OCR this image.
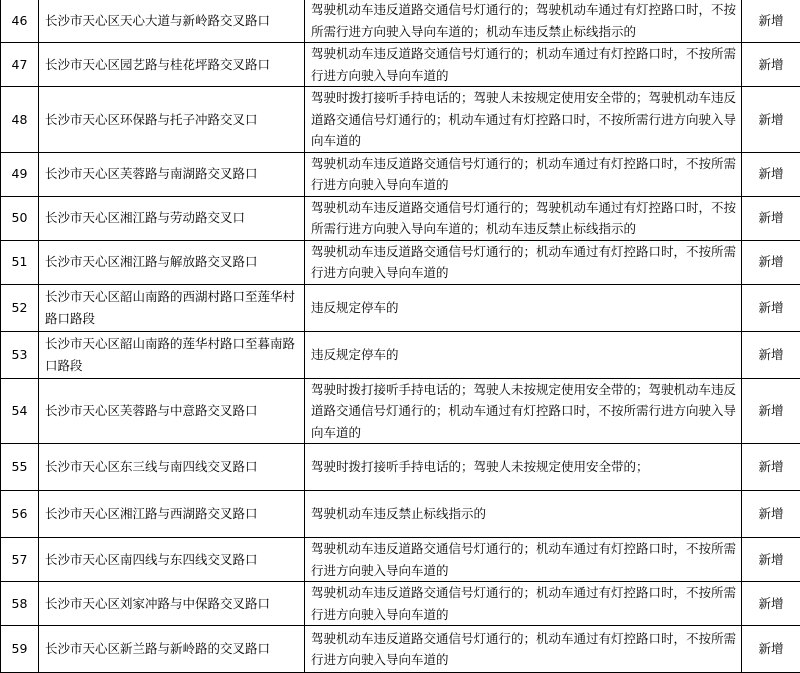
46	长沙市天心区天心大道与新岭路交叉路口	驾驶机动车违反道路交通信号灯通行的；驾驶机动车通过有灯控路口时，不按所需行进方向驶入导向车道的；机动车违反禁止标线指示的	新增
47	长沙市天心区园艺路与桂花坪路交叉路口	驾驶机动车违反道路交通信号灯通行的；机动车通过有灯控路口时，不按所需行进方向驶入导向车道的	新增
48	长沙市天心区环保路与托子冲路交叉口	驾驶时拨打接听手持电话的；驾驶人未按规定使用安全带的；驾驶机动车违反道路交通信号灯通行的；机动车通过有灯控路口时，不按所需行进方向驶入导向车道的	新增
49	长沙市天心区芙蓉路与南湖路交叉路口	驾驶机动车违反道路交通信号灯通行的；机动车通过有灯控路口时，不按所需行进方向驶入导向车道的	新增
50	长沙市天心区湘江路与劳动路交叉口	驾驶机动车违反道路交通信号灯通行的；驾驶机动车通过有灯控路口时，不按所需行进方向驶入导向车道的；机动车违反禁止标线指示的	新增
51	长沙市天心区湘江路与解放路交叉路口	驾驶机动车违反道路交通信号灯通行的；机动车通过有灯控路口时，不按所需行进方向驶入导向车道的	新增
52	长沙市天心区韶山南路的西湖村路口至莲华村路口路段	违反规定停车的	新增
53	长沙市天心区韶山南路的莲华村路口至暮南路口路段	违反规定停车的	新增
54	长沙市天心区芙蓉路与中意路交叉路口	驾驶时拨打接听手持电话的；驾驶人未按规定使用安全带的；驾驶机动车违反道路交通信号灯通行的；机动车通过有灯控路口时，不按所需行进方向驶入导向车道的	新增
55	长沙市天心区东三线与南四线交叉路口	驾驶时拨打接听手持电话的；驾驶人未按规定使用安全带的；	新增
56	长沙市天心区湘江路与西湖路交叉路口	驾驶机动车违反禁止标线指示的	新增
57	长沙市天心区南四线与东四线交叉路口	驾驶机动车违反道路交通信号灯通行的；机动车通过有灯控路口时，不按所需行进方向驶入导向车道的	新增
58	长沙市天心区刘家冲路与中保路交叉路口	驾驶机动车违反道路交通信号灯通行的；机动车通过有灯控路口时，不按所需行进方向驶入导向车道的	新增
59	长沙市天心区新兰路与新岭路的交叉路口	驾驶机动车违反道路交通信号灯通行的；机动车通过有灯控路口时，不按所需行进方向驶入导向车道的	新增
